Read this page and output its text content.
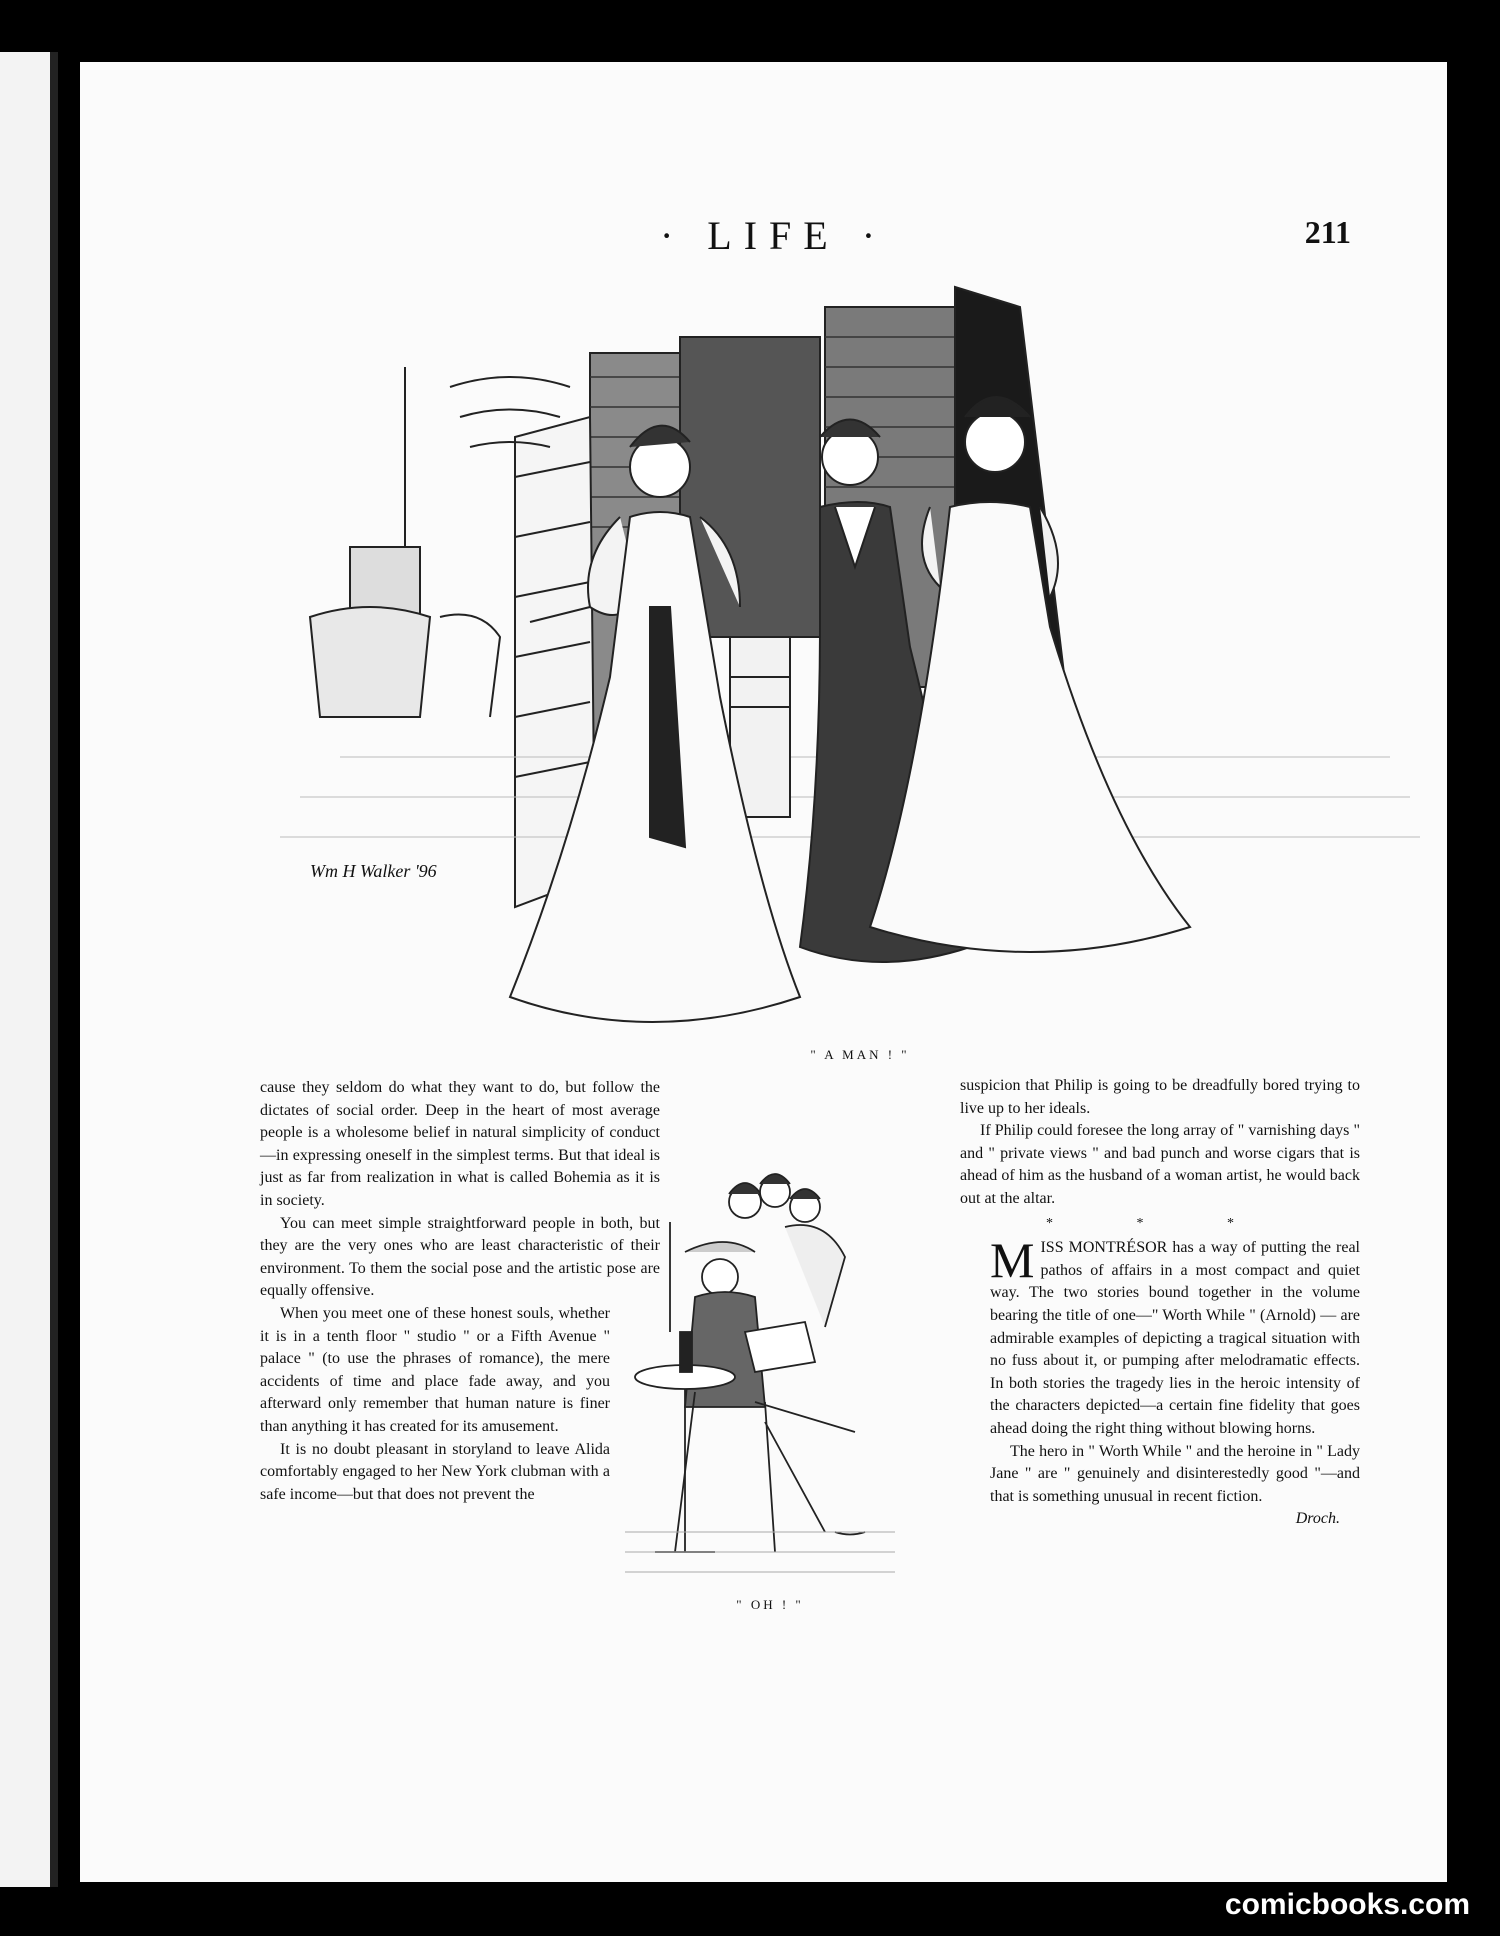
· LIFE ·	211
Wm H Walker '96
" A MAN ! "

cause they seldom do what they want to do, but follow the dictates of social order. Deep in the heart of most average people is a wholesome belief in natural simplicity of conduct—in expressing oneself in the simplest terms. But that ideal is just as far from realization in what is called Bohemia as it is in society.

You can meet simple straightforward people in both, but they are the very ones who are least characteristic of their environment. To them the social pose and the artistic pose are equally offensive.

When you meet one of these honest souls, whether it is in a tenth floor " studio " or a Fifth Avenue " palace " (to use the phrases of romance), the mere accidents of time and place fade away, and you afterward only remember that human nature is finer than anything it has created for its amusement.

It is no doubt pleasant in storyland to leave Alida comfortably engaged to her New York clubman with a safe income—but that does not prevent the

" OH ! "

suspicion that Philip is going to be dreadfully bored trying to live up to her ideals.

If Philip could foresee the long array of " varnishing days " and " private views " and bad punch and worse cigars that is ahead of him as the husband of a woman artist, he would back out at the altar.

* * *

MISS MONTRÉSOR has a way of putting the real pathos of affairs in a most compact and quiet way. The two stories bound together in the volume bearing the title of one—" Worth While " (Arnold) — are admirable examples of depicting a tragical situation with no fuss about it, or pumping after melodramatic effects. In both stories the tragedy lies in the heroic intensity of the characters depicted—a certain fine fidelity that goes ahead doing the right thing without blowing horns.

The hero in " Worth While " and the heroine in " Lady Jane " are " genuinely and disinterestedly good "—and that is something unusual in recent fiction.

Droch.
comicbooks.com
